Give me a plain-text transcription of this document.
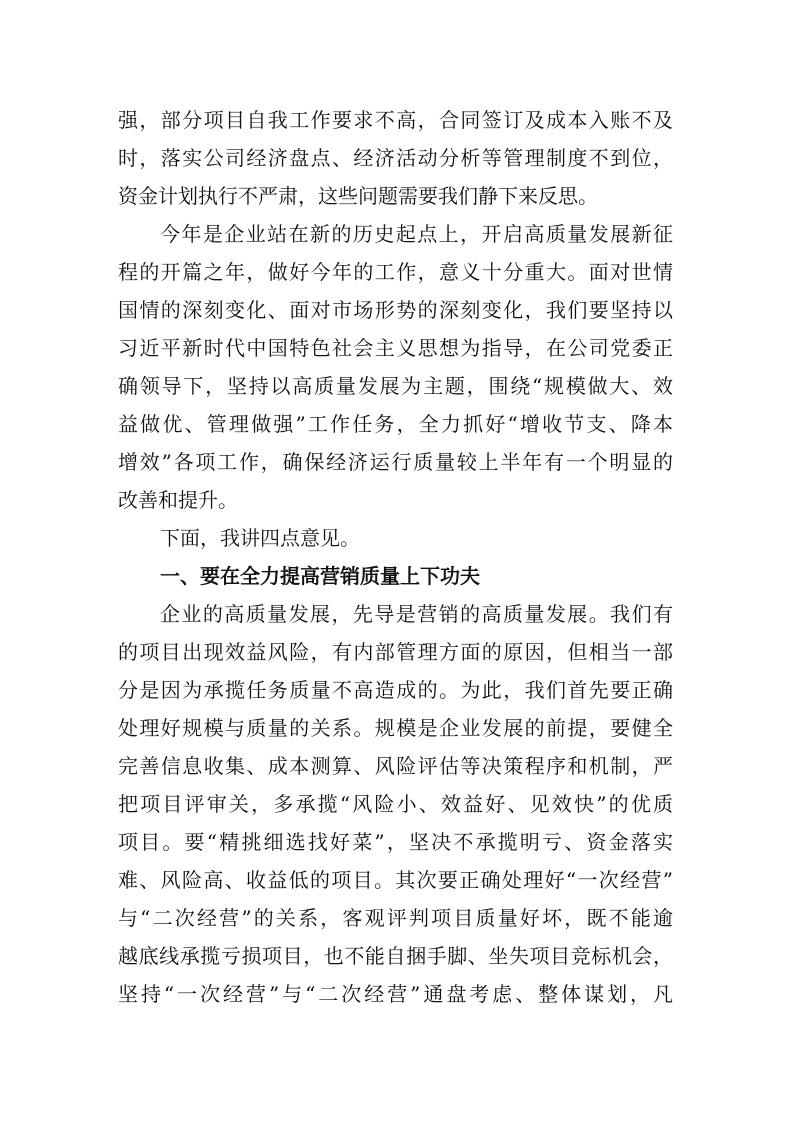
强，部分项目自我工作要求不高，合同签订及成本入账不及
时，落实公司经济盘点、经济活动分析等管理制度不到位，
资金计划执行不严肃，这些问题需要我们静下来反思。
今年是企业站在新的历史起点上，开启高质量发展新征
程的开篇之年，做好今年的工作，意义十分重大。面对世情
国情的深刻变化、面对市场形势的深刻变化，我们要坚持以
习近平新时代中国特色社会主义思想为指导，在公司党委正
确领导下，坚持以高质量发展为主题，围绕“规模做大、效
益做优、管理做强”工作任务，全力抓好“增收节支、降本
增效”各项工作，确保经济运行质量较上半年有一个明显的
改善和提升。
下面，我讲四点意见。
一、要在全力提高营销质量上下功夫
企业的高质量发展，先导是营销的高质量发展。我们有
的项目出现效益风险，有内部管理方面的原因，但相当一部
分是因为承揽任务质量不高造成的。为此，我们首先要正确
处理好规模与质量的关系。规模是企业发展的前提，要健全
完善信息收集、成本测算、风险评估等决策程序和机制，严
把项目评审关，多承揽“风险小、效益好、见效快”的优质
项目。要“精挑细选找好菜”，坚决不承揽明亏、资金落实
难、风险高、收益低的项目。其次要正确处理好“一次经营”
与“二次经营”的关系，客观评判项目质量好坏，既不能逾
越底线承揽亏损项目，也不能自捆手脚、坐失项目竞标机会，
坚持“一次经营”与“二次经营”通盘考虑、整体谋划，凡
